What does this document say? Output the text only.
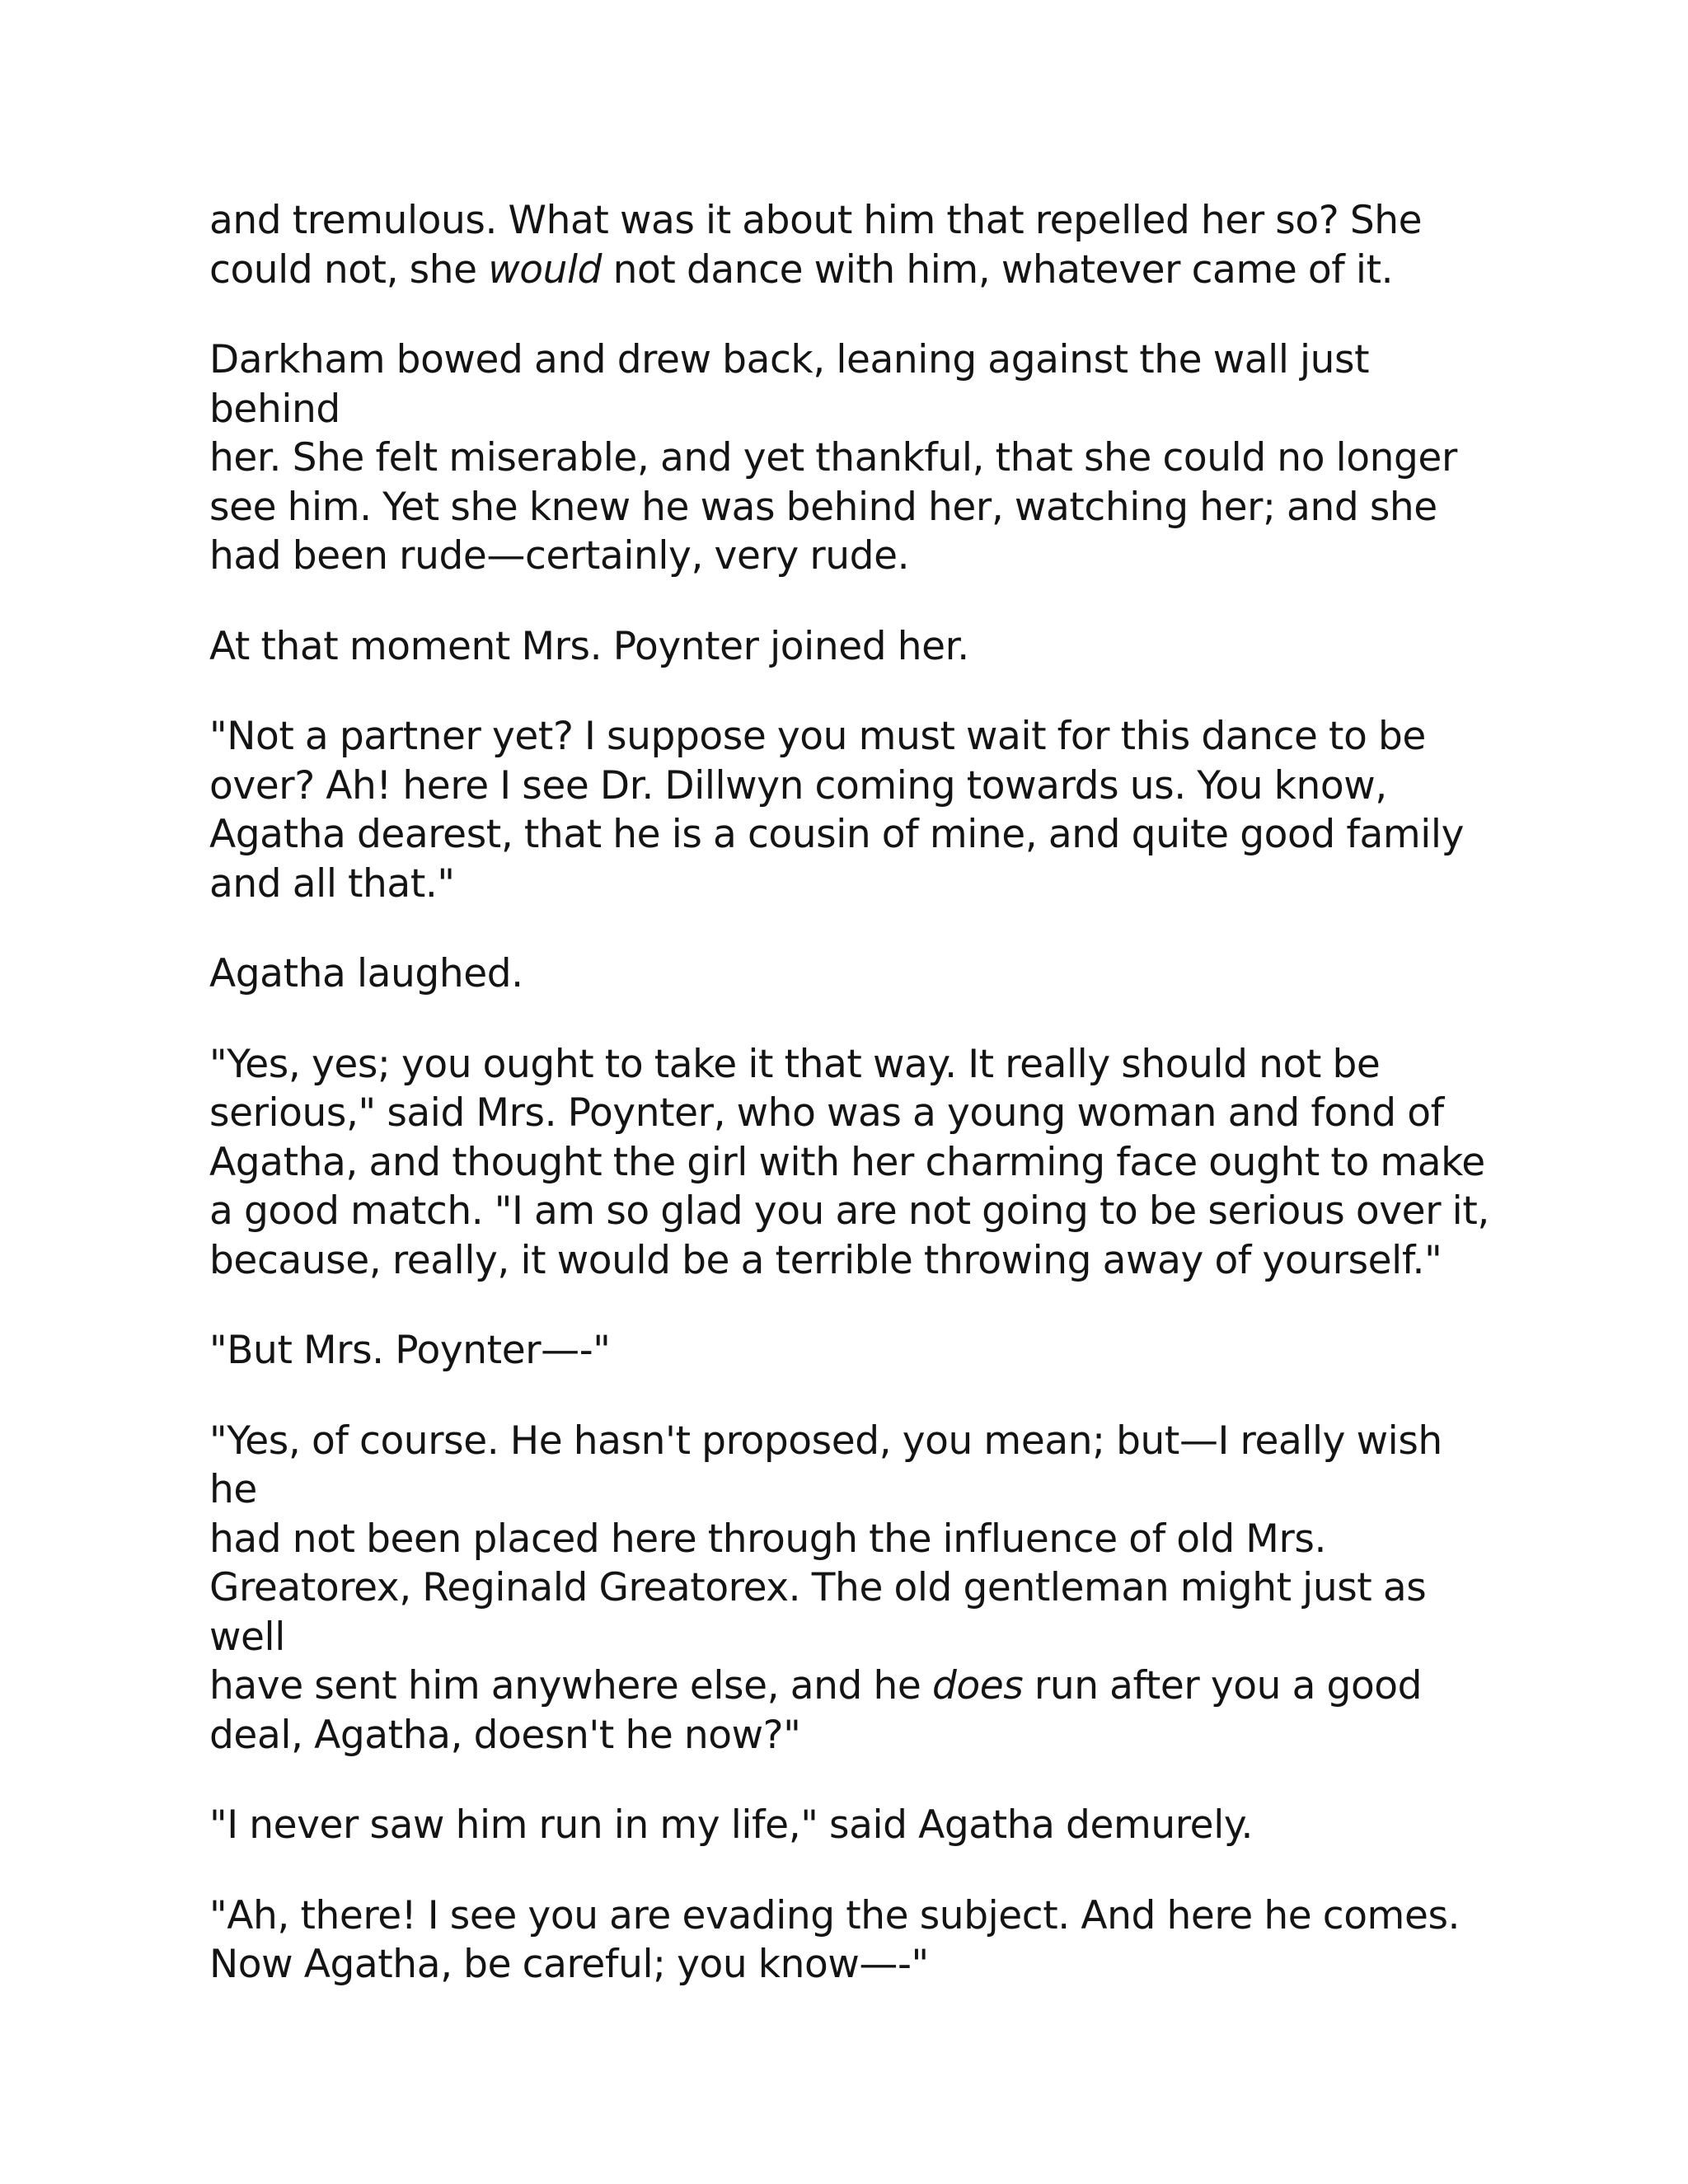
and tremulous. What was it about him that repelled her so? She
could not, she would not dance with him, whatever came of it.

Darkham bowed and drew back, leaning against the wall just behind
her. She felt miserable, and yet thankful, that she could no longer
see him. Yet she knew he was behind her, watching her; and she
had been rude—certainly, very rude.

At that moment Mrs. Poynter joined her.

"Not a partner yet? I suppose you must wait for this dance to be
over? Ah! here I see Dr. Dillwyn coming towards us. You know,
Agatha dearest, that he is a cousin of mine, and quite good family
and all that."

Agatha laughed.

"Yes, yes; you ought to take it that way. It really should not be
serious," said Mrs. Poynter, who was a young woman and fond of
Agatha, and thought the girl with her charming face ought to make
a good match. "I am so glad you are not going to be serious over it,
because, really, it would be a terrible throwing away of yourself."

"But Mrs. Poynter—-"

"Yes, of course. He hasn't proposed, you mean; but—I really wish he
had not been placed here through the influence of old Mrs.
Greatorex, Reginald Greatorex. The old gentleman might just as well
have sent him anywhere else, and he does run after you a good
deal, Agatha, doesn't he now?"

"I never saw him run in my life," said Agatha demurely.

"Ah, there! I see you are evading the subject. And here he comes.
Now Agatha, be careful; you know—-"
